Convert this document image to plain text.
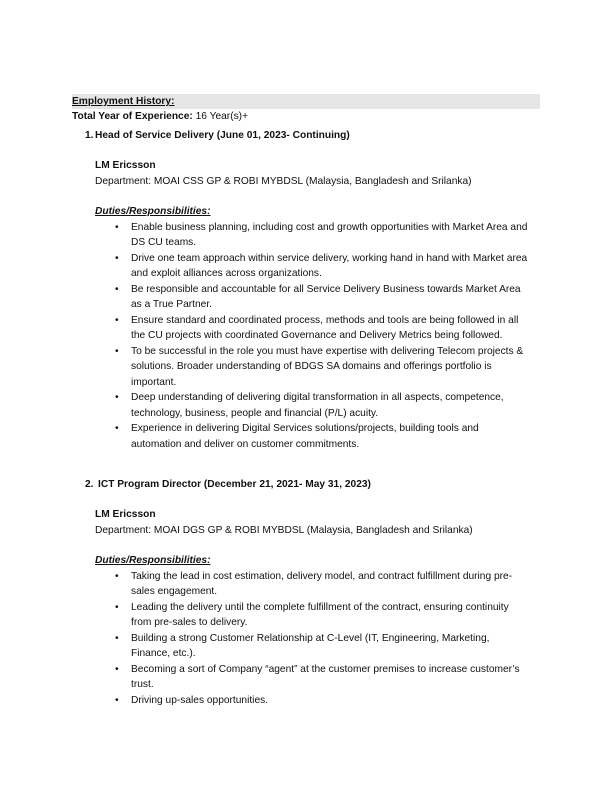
Employment History:
Total Year of Experience: 16 Year(s)+
1. Head of Service Delivery (June 01, 2023- Continuing)
LM Ericsson
Department: MOAI CSS GP & ROBI MYBDSL (Malaysia, Bangladesh and Srilanka)
Duties/Responsibilities:
• Enable business planning, including cost and growth opportunities with Market Area and DS CU teams.
• Drive one team approach within service delivery, working hand in hand with Market area and exploit alliances across organizations.
• Be responsible and accountable for all Service Delivery Business towards Market Area as a True Partner.
• Ensure standard and coordinated process, methods and tools are being followed in all the CU projects with coordinated Governance and Delivery Metrics being followed.
• To be successful in the role you must have expertise with delivering Telecom projects & solutions. Broader understanding of BDGS SA domains and offerings portfolio is important.
• Deep understanding of delivering digital transformation in all aspects, competence, technology, business, people and financial (P/L) acuity.
• Experience in delivering Digital Services solutions/projects, building tools and automation and deliver on customer commitments.
2. ICT Program Director (December 21, 2021- May 31, 2023)
LM Ericsson
Department: MOAI DGS GP & ROBI MYBDSL (Malaysia, Bangladesh and Srilanka)
Duties/Responsibilities:
• Taking the lead in cost estimation, delivery model, and contract fulfillment during pre-sales engagement.
• Leading the delivery until the complete fulfillment of the contract, ensuring continuity from pre-sales to delivery.
• Building a strong Customer Relationship at C-Level (IT, Engineering, Marketing, Finance, etc.).
• Becoming a sort of Company “agent” at the customer premises to increase customer’s trust.
• Driving up-sales opportunities.
